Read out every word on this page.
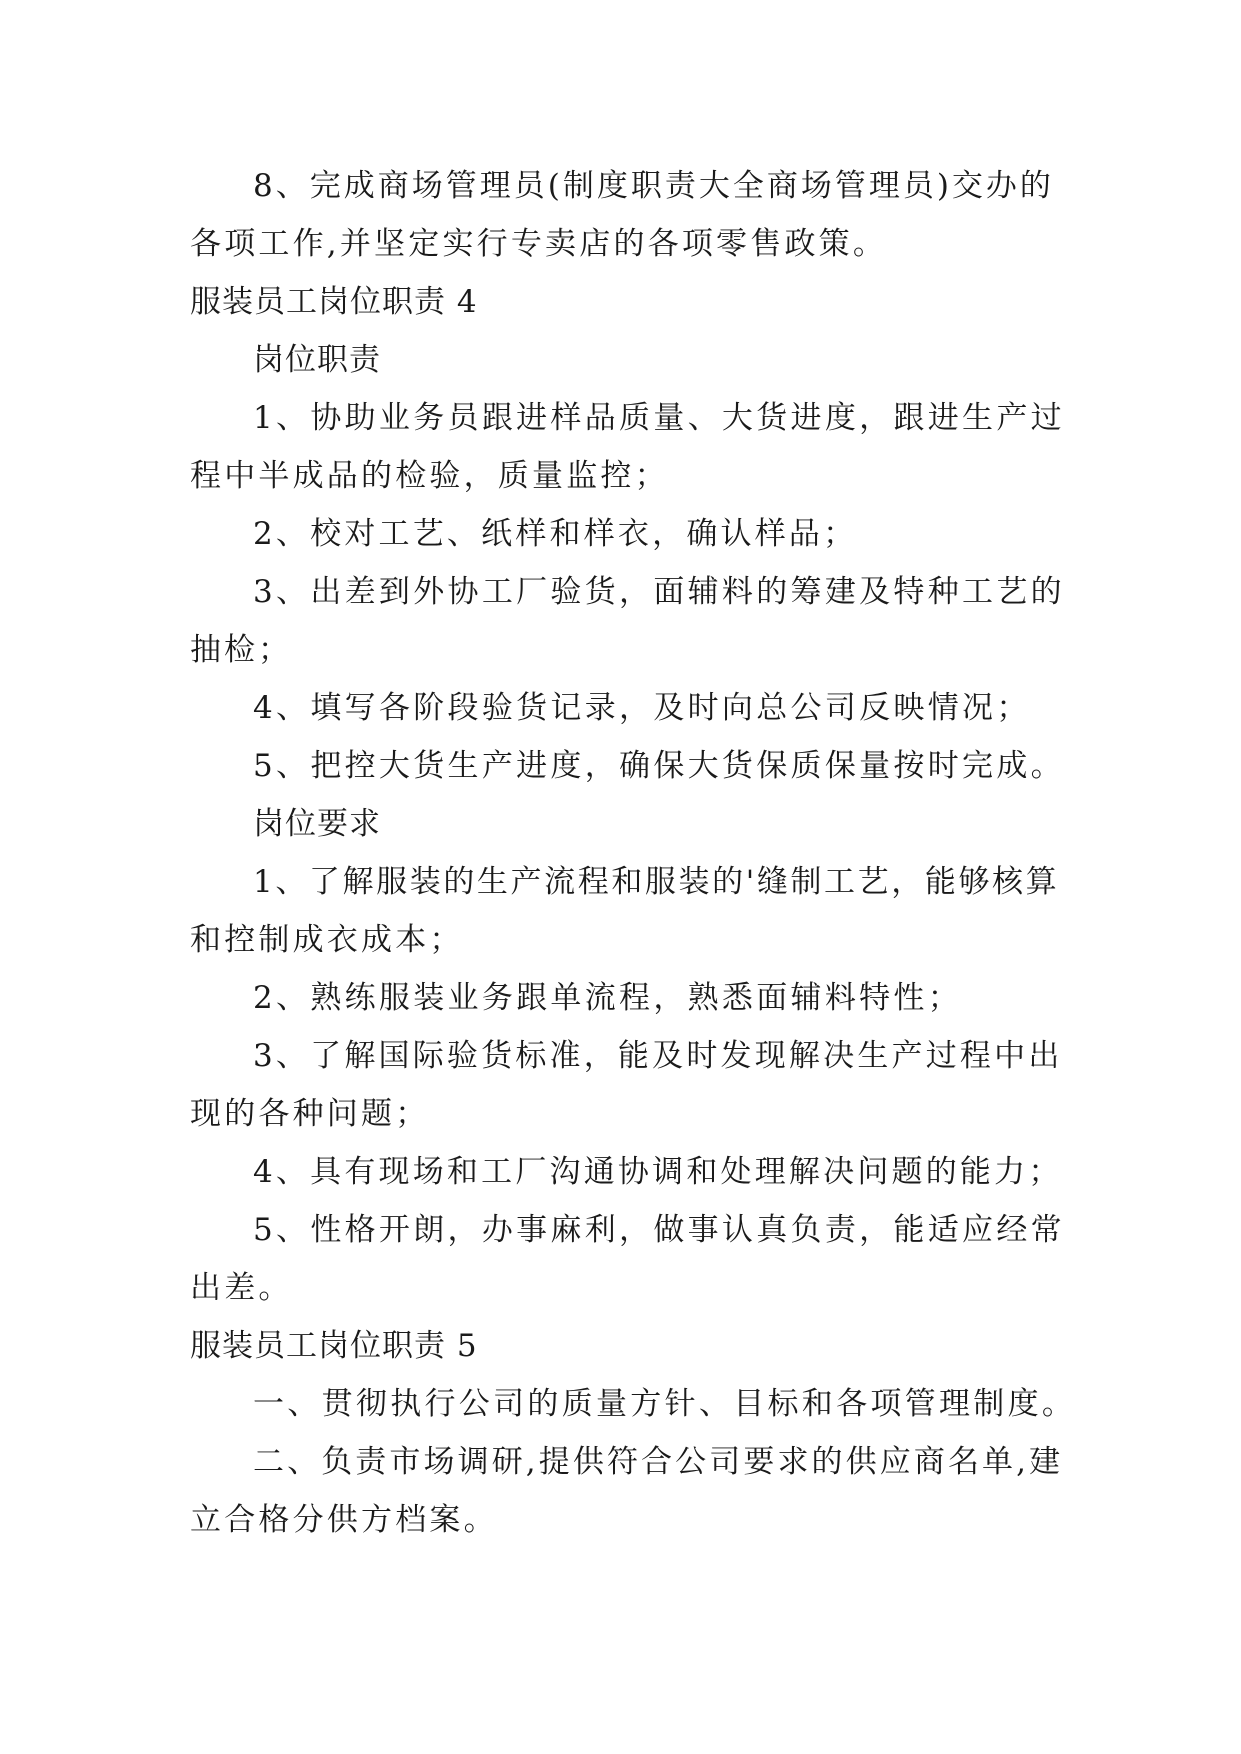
8、完成商场管理员(制度职责大全商场管理员)交办的
各项工作,并坚定实行专卖店的各项零售政策。
服装员工岗位职责 4
岗位职责
1、协助业务员跟进样品质量、大货进度，跟进生产过
程中半成品的检验，质量监控；
2、校对工艺、纸样和样衣，确认样品；
3、出差到外协工厂验货，面辅料的筹建及特种工艺的
抽检；
4、填写各阶段验货记录，及时向总公司反映情况；
5、把控大货生产进度，确保大货保质保量按时完成。
岗位要求
1、了解服装的生产流程和服装的'缝制工艺，能够核算
和控制成衣成本；
2、熟练服装业务跟单流程，熟悉面辅料特性；
3、了解国际验货标准，能及时发现解决生产过程中出
现的各种问题；
4、具有现场和工厂沟通协调和处理解决问题的能力；
5、性格开朗，办事麻利，做事认真负责，能适应经常
出差。
服装员工岗位职责 5
一、贯彻执行公司的质量方针、目标和各项管理制度。
二、负责市场调研,提供符合公司要求的供应商名单,建
立合格分供方档案。
